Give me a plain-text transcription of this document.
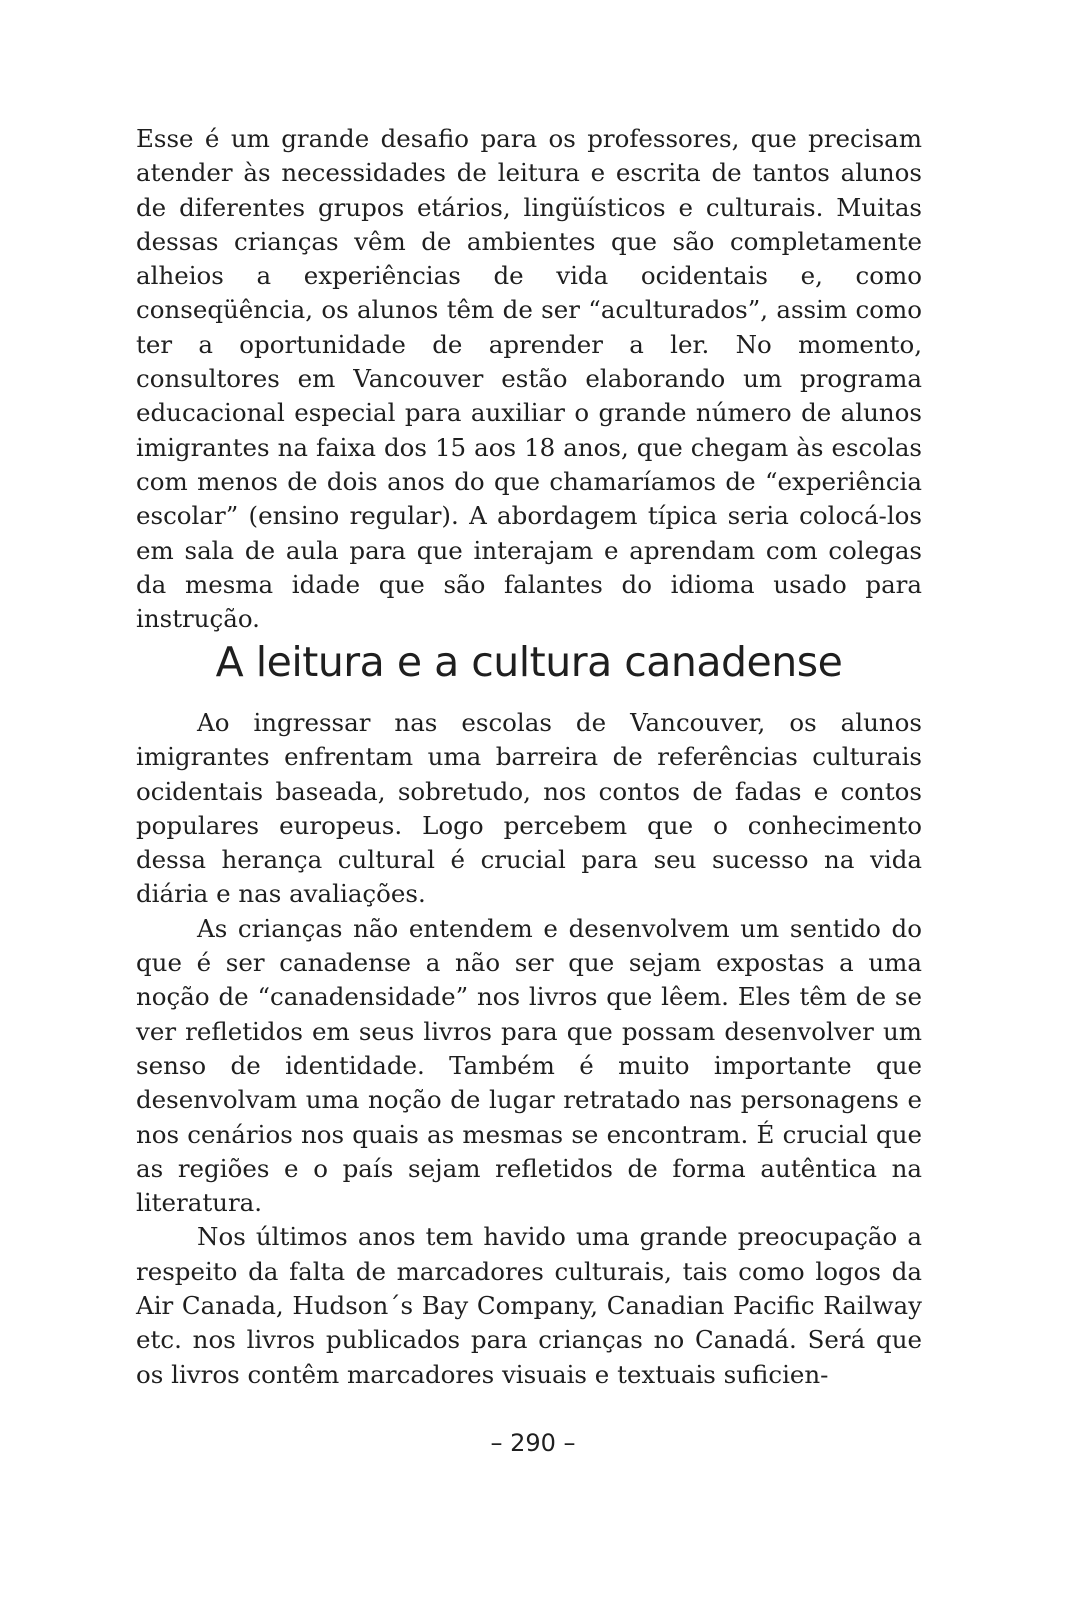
Esse é um grande desafio para os professores, que precisam atender às necessidades de leitura e escrita de tantos alunos de diferentes grupos etários, lingüísticos e culturais. Muitas dessas crianças vêm de ambientes que são completamente alheios a experiências de vida ocidentais e, como conseqüência, os alunos têm de ser “aculturados”, assim como ter a oportunidade de aprender a ler. No momento, consultores em Vancouver estão elaborando um programa educacional especial para auxiliar o grande número de alunos imigrantes na faixa dos 15 aos 18 anos, que chegam às escolas com menos de dois anos do que chamaríamos de “experiência escolar” (ensino regular). A abordagem típica seria colocá-los em sala de aula para que interajam e aprendam com colegas da mesma idade que são falantes do idioma usado para instrução.

A leitura e a cultura canadense

Ao ingressar nas escolas de Vancouver, os alunos imigrantes enfrentam uma barreira de referências culturais ocidentais baseada, sobretudo, nos contos de fadas e contos populares europeus. Logo percebem que o conhecimento dessa herança cultural é crucial para seu sucesso na vida diária e nas avaliações.

As crianças não entendem e desenvolvem um sentido do que é ser canadense a não ser que sejam expostas a uma noção de “canadensidade” nos livros que lêem. Eles têm de se ver refletidos em seus livros para que possam desenvolver um senso de identidade. Também é muito importante que desenvolvam uma noção de lugar retratado nas personagens e nos cenários nos quais as mesmas se encontram. É crucial que as regiões e o país sejam refletidos de forma autêntica na literatura.

Nos últimos anos tem havido uma grande preocupação a respeito da falta de marcadores culturais, tais como logos da Air Canada, Hudson´s Bay Company, Canadian Pacific Railway etc. nos livros publicados para crianças no Canadá. Será que os livros contêm marcadores visuais e textuais suficien-

– 290 –
